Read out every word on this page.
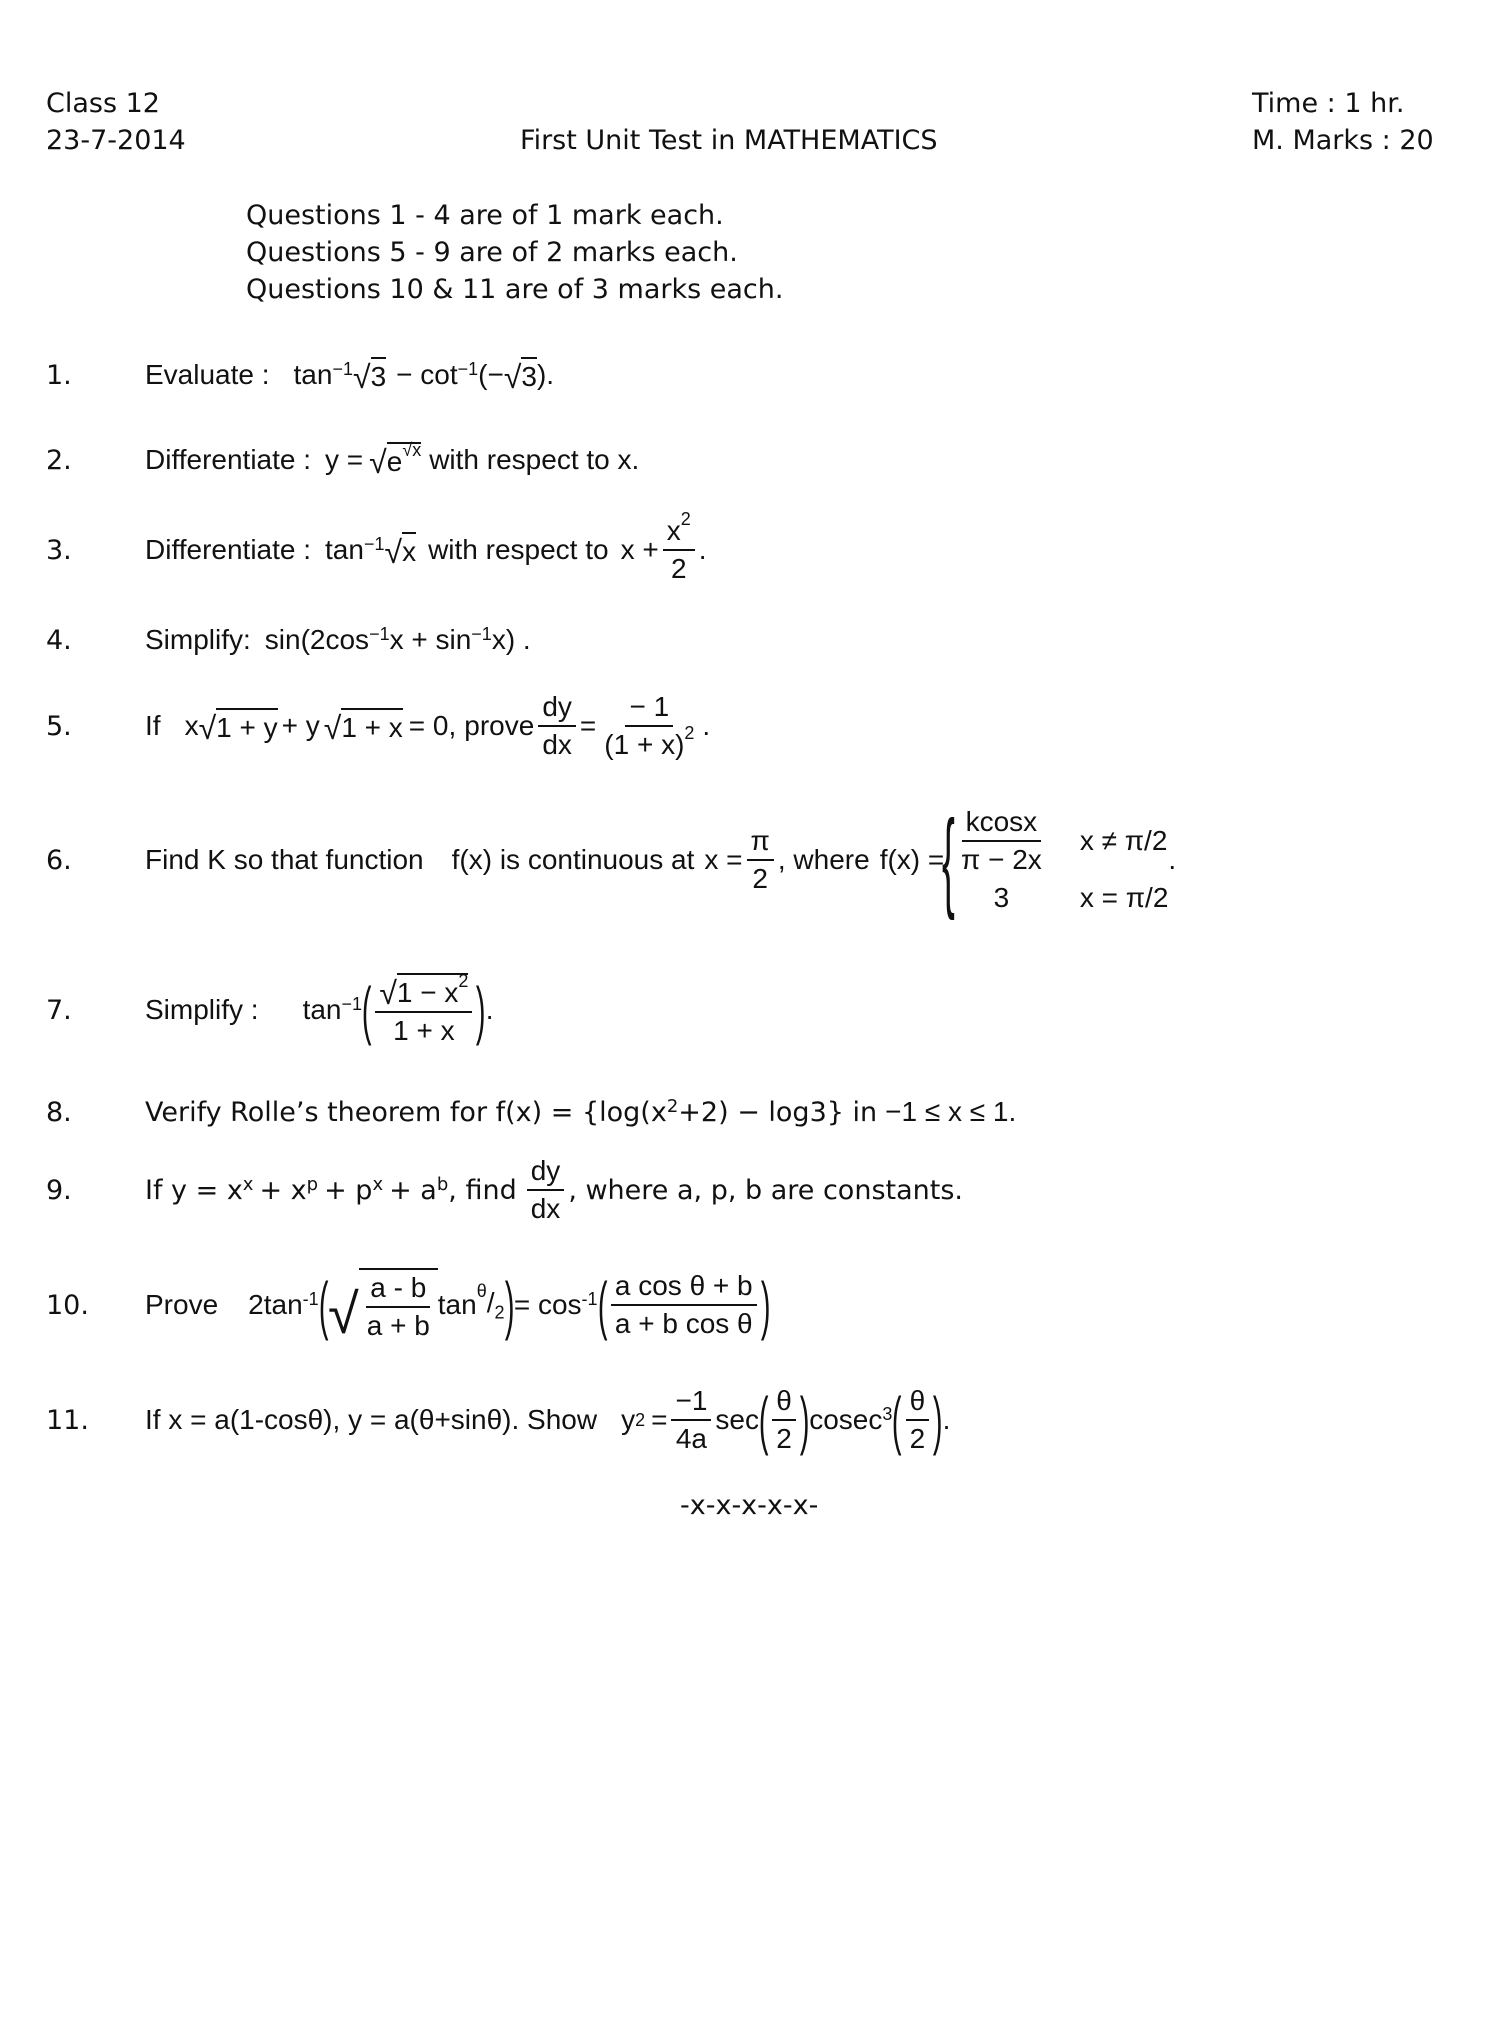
Class 12
23-7-2014	First Unit Test in MATHEMATICS
Time : 1 hr.
M. Marks : 20
Questions 1 - 4 are of 1 mark each.
Questions 5 - 9 are of 2 marks each.
Questions 10 & 11 are of 3 marks each.
1.	Evaluate : $\tan^{-1}$ √ $3 - \cot^{-1}$ (− √ 3 ).
2.	Differentiate : y = √ $e^{√x}$ with respect to x.
3.	Differentiate : $\tan^{-1}$ √ x with respect to $x + \frac{x^2}{2}$ .
4.	Simplify: $\sin(2\cos^{-1}$ $x + \sin^{-1} x$) .
5.	If x √ 1 + y + y √ 1 + x = 0, prove $\frac{dy}{dx} = \frac{- 1}{(1 + x)^2}$ .
6.	Find K so that function f(x) is continuous at $x = \frac{\pi}{2}$ , where f(x) =
{ $\frac{kcosx}{\pi - 2x}$ x ≠ π/2
3	x = π/2
.
7.	Simplify : $\tan^{-1}$ ( $\frac{√ 1 - x^2}{1 + x}$ ) .
8.	Verify Rolle’s theorem for $f(x) = \{\log(x^2 +2) - \log 3\}$ in −1 ≤ x ≤ 1.
9.	If $y = x^x + x^p + p^x + a^b$ , find $\frac{dy}{dx}$ , where a, p, b are constants.
10. Prove $2\tan^{-1}$ ( √ $\frac{a - b}{a + b}$ $\tan ^\theta/_2$ ) = $\cos^{-1}$ ( $\frac{\text{a cos θ + b}}{\text{a + b cos θ}}$ )
11. If x = a(1-cosθ), y = a(θ+sinθ). Show y $2 = \frac{-1}{4a}$ sec ( $\frac{\theta}{2}$ ) cosec$^3$ ( $\frac{\theta}{2}$ ) .
-x-x-x-x-x-
